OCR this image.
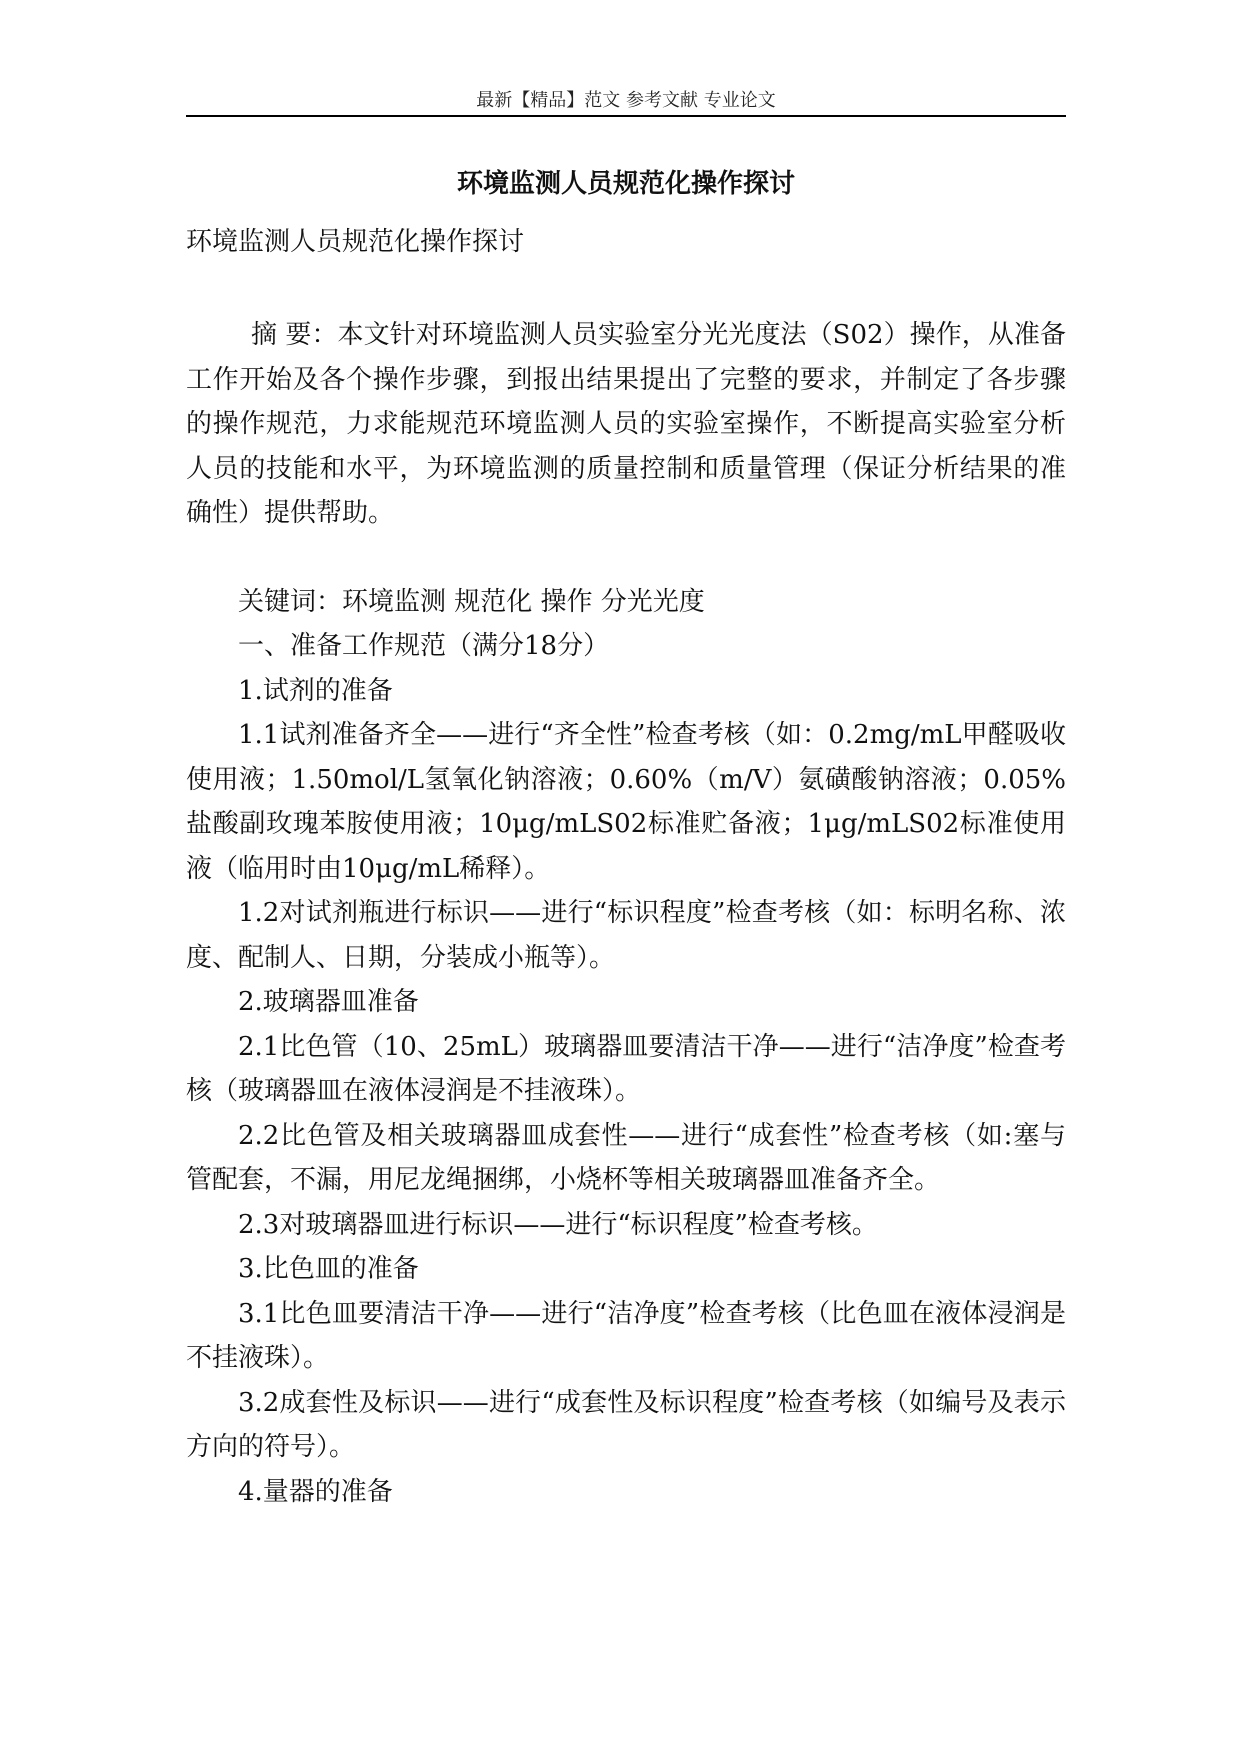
最新【精品】范文 参考文献 专业论文
环境监测人员规范化操作探讨
环境监测人员规范化操作探讨

摘 要：本文针对环境监测人员实验室分光光度法（S02）操作，从准备工作开始及各个操作步骤，到报出结果提出了完整的要求，并制定了各步骤的操作规范，力求能规范环境监测人员的实验室操作，不断提高实验室分析人员的技能和水平，为环境监测的质量控制和质量管理（保证分析结果的准确性）提供帮助。

关键词：环境监测 规范化 操作 分光光度

一、准备工作规范（满分18分）

1.试剂的准备

1.1试剂准备齐全——进行“齐全性”检查考核（如：0.2mg/mL甲醛吸收使用液；1.50mol/L氢氧化钠溶液；0.60%（m/V）氨磺酸钠溶液；0.05%盐酸副玫瑰苯胺使用液；10μg/mLS02标准贮备液；1μg/mLS02标准使用液（临用时由10μg/mL稀释）。

1.2对试剂瓶进行标识——进行“标识程度”检查考核（如：标明名称、浓度、配制人、日期，分装成小瓶等）。

2.玻璃器皿准备

2.1比色管（10、25mL）玻璃器皿要清洁干净——进行“洁净度”检查考核（玻璃器皿在液体浸润是不挂液珠）。

2.2比色管及相关玻璃器皿成套性——进行“成套性”检查考核（如:塞与管配套，不漏，用尼龙绳捆绑，小烧杯等相关玻璃器皿准备齐全。

2.3对玻璃器皿进行标识——进行“标识程度”检查考核。

3.比色皿的准备

3.1比色皿要清洁干净——进行“洁净度”检查考核（比色皿在液体浸润是不挂液珠）。

3.2成套性及标识——进行“成套性及标识程度”检查考核（如编号及表示方向的符号）。

4.量器的准备
